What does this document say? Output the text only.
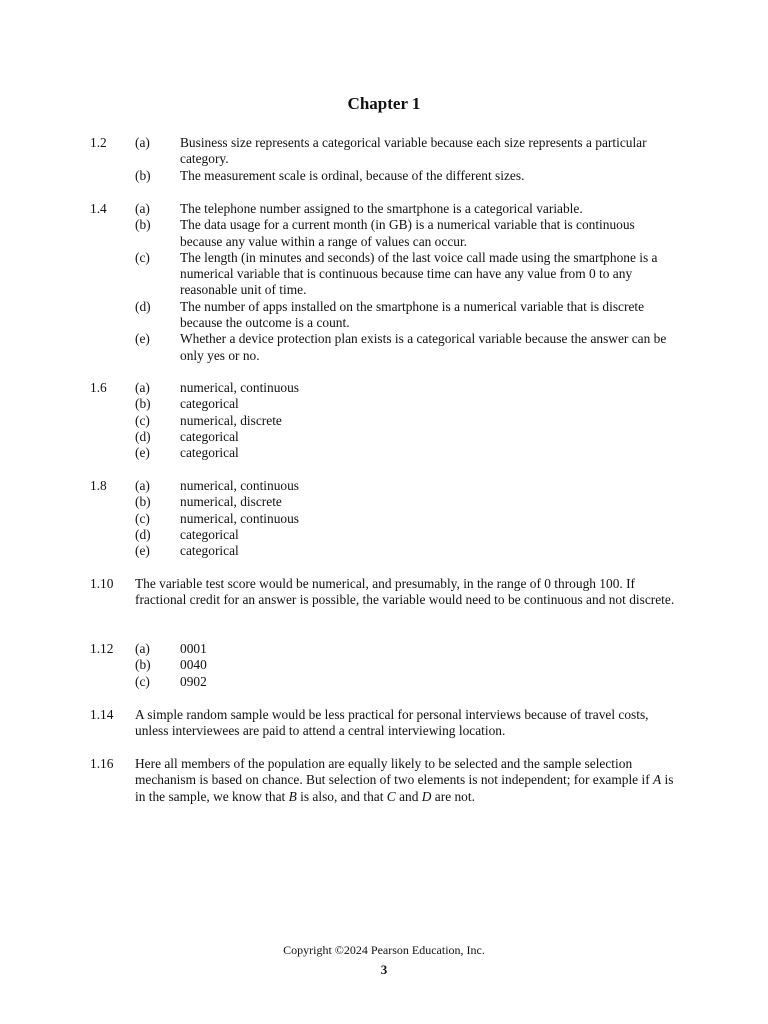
Chapter 1
1.2 (a) Business size represents a categorical variable because each size represents a particular category.
(b) The measurement scale is ordinal, because of the different sizes.
1.4 (a) The telephone number assigned to the smartphone is a categorical variable.
(b) The data usage for a current month (in GB) is a numerical variable that is continuous because any value within a range of values can occur.
(c) The length (in minutes and seconds) of the last voice call made using the smartphone is a numerical variable that is continuous because time can have any value from 0 to any reasonable unit of time.
(d) The number of apps installed on the smartphone is a numerical variable that is discrete because the outcome is a count.
(e) Whether a device protection plan exists is a categorical variable because the answer can be only yes or no.
1.6 (a) numerical, continuous
(b) categorical
(c) numerical, discrete
(d) categorical
(e) categorical
1.8 (a) numerical, continuous
(b) numerical, discrete
(c) numerical, continuous
(d) categorical
(e) categorical
1.10 The variable test score would be numerical, and presumably, in the range of 0 through 100. If fractional credit for an answer is possible, the variable would need to be continuous and not discrete.
1.12 (a) 0001
(b) 0040
(c) 0902
1.14 A simple random sample would be less practical for personal interviews because of travel costs, unless interviewees are paid to attend a central interviewing location.
1.16 Here all members of the population are equally likely to be selected and the sample selection mechanism is based on chance. But selection of two elements is not independent; for example if A is in the sample, we know that B is also, and that C and D are not.
Copyright ©2024 Pearson Education, Inc.
3
